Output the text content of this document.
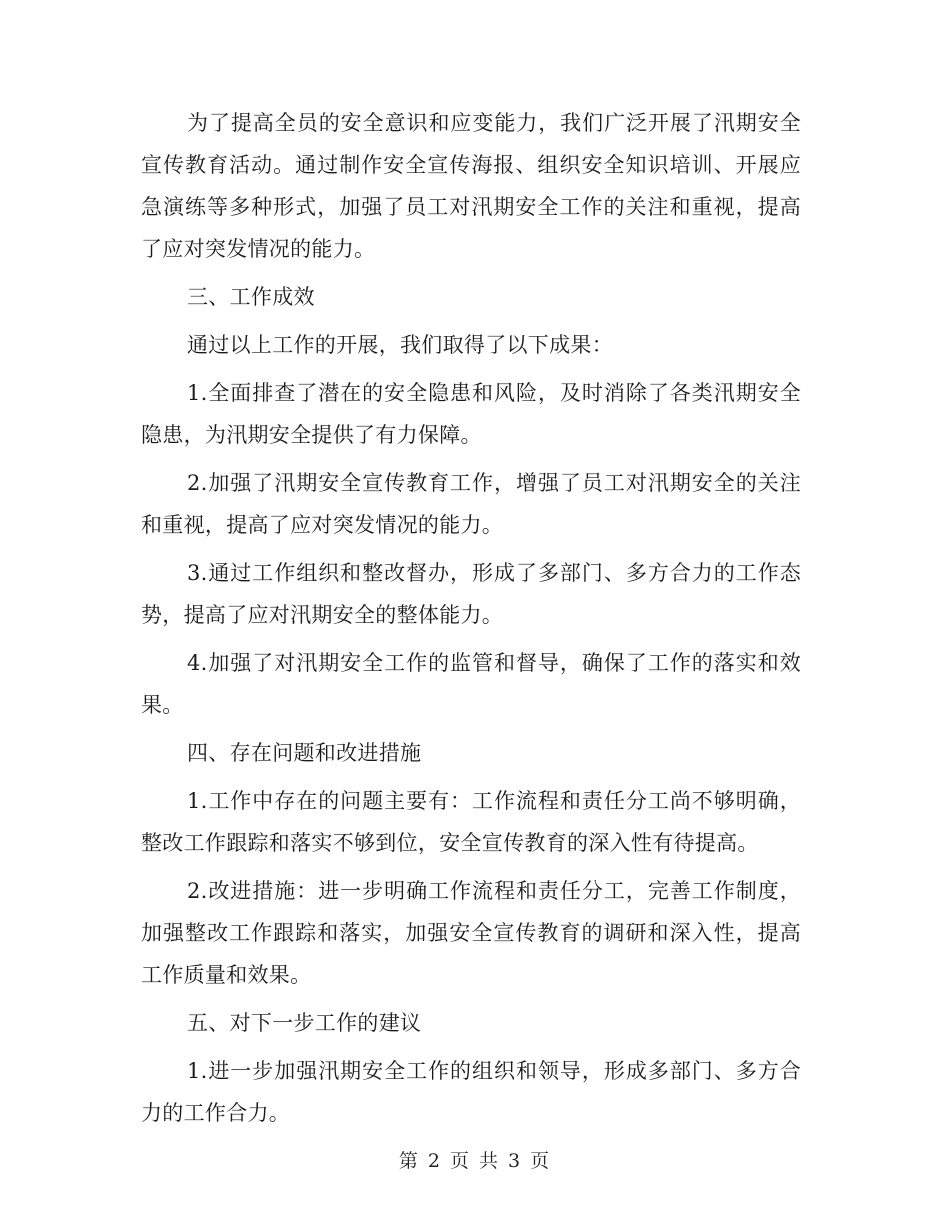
为了提高全员的安全意识和应变能力，我们广泛开展了汛期安全宣传教育活动。通过制作安全宣传海报、组织安全知识培训、开展应急演练等多种形式，加强了员工对汛期安全工作的关注和重视，提高了应对突发情况的能力。

三、工作成效

通过以上工作的开展，我们取得了以下成果：

1.全面排查了潜在的安全隐患和风险，及时消除了各类汛期安全隐患，为汛期安全提供了有力保障。

2.加强了汛期安全宣传教育工作，增强了员工对汛期安全的关注和重视，提高了应对突发情况的能力。

3.通过工作组织和整改督办，形成了多部门、多方合力的工作态势，提高了应对汛期安全的整体能力。

4.加强了对汛期安全工作的监管和督导，确保了工作的落实和效果。

四、存在问题和改进措施

1.工作中存在的问题主要有：工作流程和责任分工尚不够明确，整改工作跟踪和落实不够到位，安全宣传教育的深入性有待提高。

2.改进措施：进一步明确工作流程和责任分工，完善工作制度，加强整改工作跟踪和落实，加强安全宣传教育的调研和深入性，提高工作质量和效果。

五、对下一步工作的建议

1.进一步加强汛期安全工作的组织和领导，形成多部门、多方合力的工作合力。

第 2 页 共 3 页
